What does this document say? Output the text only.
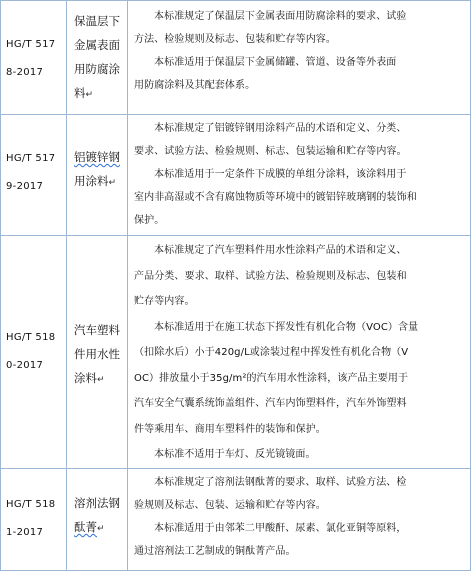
HG/T 517
8-2017
保温层下
金属表面
用防腐涂
料↵
本标准规定了保温层下金属表面用防腐涂料的要求、试验
方法、检验规则及标志、包装和贮存等内容。
本标准适用于保温层下金属储罐、管道、设备等外表面
用防腐涂料及其配套体系。
HG/T 517
9-2017
铝镀锌钢
用涂料↵
本标准规定了铝镀锌钢用涂料产品的术语和定义、分类、
要求、试验方法、检验规则、标志、包装运输和贮存等内容。
本标准适用于一定条件下成膜的单组分涂料，该涂料用于
室内非高湿或不含有腐蚀物质等环境中的镀铝锌玻璃钢的装饰和
保护。
HG/T 518
0-2017
汽车塑料
件用水性
涂料↵
本标准规定了汽车塑料件用水性涂料产品的术语和定义、
产品分类、要求、取样、试验方法、检验规则及标志、包装和
贮存等内容。
本标准适用于在施工状态下挥发性有机化合物（VOC）含量
（扣除水后）小于420g/L或涂装过程中挥发性有机化合物（V
OC）排放量小于35g/m²的汽车用水性涂料，该产品主要用于
汽车安全气囊系统饰盖组件、汽车内饰塑料件，汽车外饰塑料
件等乘用车、商用车塑料件的装饰和保护。
本标准不适用于车灯、反光镜镜面。
HG/T 518
1-2017
溶剂法钢
酞菁↵
本标准规定了溶剂法钢酞菁的要求、取样、试验方法、检
验规则及标志、包装、运输和贮存等内容。
本标准适用于由邻苯二甲酸酐、尿素、氯化亚铜等原料，
通过溶剂法工艺制成的铜酞菁产品。
